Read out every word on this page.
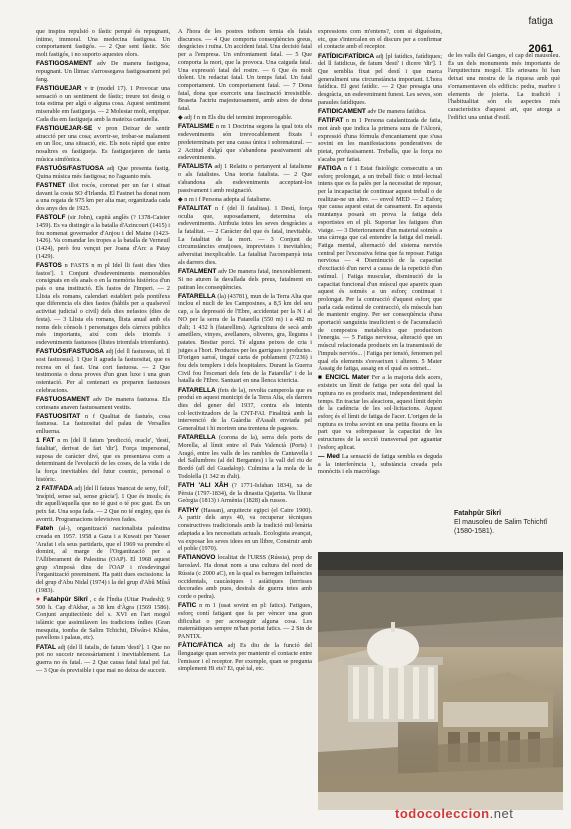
fatiga
2061

que inspira repulsió o fàstic perquè és repugnant, íntime, immoral. Una medecina fastigosa. Un comportament fastigós. — 2 Que sent fàstic. Sóc molt fastigós, i no suporto aquestes olors.

FASTIGOSAMENT adv De manera fastigosa, repugnant. Un llimac s'arrossegava fastigosament pel fang.

FASTIGUEJAR v tr (model 17). 1 Provocar una sensació o un sentiment de fàstic; treure tot desig o tota estima per algú o alguna cosa. Aquest sentiment miserable em fastigueja. — 2 Molestar molt, empipar. Cada dia em fastigueja amb la mateixa cantarella.

FASTIGUEJAR-SE v pron Deixar de sentir atracció per una cosa; avorrir-se, trobar-se malament en un lloc, una situació, etc. Els nois ràpid que entre nosaltres es fastigueja. Es fastiguejaren de tanta música simfònica.

FASTUÓS/FASTUOSA adj Que presenta fastig. Quina música més fastigosa; no l'aguanto més.

FASTNET illot rocós, coronat per un far i situat davant la costa SO d'Irlanda. El Fastnet ha donat nom a una regata de 975 km per alta mar, organitzada cada dos anys des de 1925.

FASTOLF (sir John), capità anglès (? 1378-Caister 1459). Es va distingir a la batalla d'Azincourt (1415) i fou nomenat governador d'Anjou i del Maine (1423-1426). Va comandar les tropes a la batalla de Verneuil (1424), però fou vençut per Joana d'Arc a Patay (1429).

FASTOS n FASTS n m pl Idel lli fasti dies 'dies fastos']. 1 Conjunt d'esdeveniments memorables consignats en els anals o en la memòria històrica d'un país o una institució. Els fastos de l'Imperi. — 2 Llista els romans, calendari establert pels pontífexs que diferencia els dies fastos (hàbils per a qualsevol activitat judicial o civil) dels dies nefastos (dies de festa). — 3 Llista els romans, llista anual amb els noms dels cònsols i personatges dels càrrecs públics més importants, així com dels triomfs i esdeveniments fastuosos (llistes triomfals triomfants).

FASTUÓS/FASTUOSA adj [del ll fastuosus, id. Il sost fastuosus]. 1 Que li agrada la fastuositat, que es recrea en el fast. Una cort fastuosa. — 2 Que testimonia o dona proves d'un gran luxe i una gran ostentació. Per al centenari es preparen fastuoses celebracions.

FASTUOSAMENT adv De manera fastuosa. Els cortesans anaven fastuosament vestits.

FASTUOSITAT n f Qualitat de fastuós, cosa fastuosa. La fastuositat del palau de Versalles enlluerna.

1 FAT n m [del ll fatum 'predicció, oracle', 'destí, fatalitat', derivat de fari 'dir']. Força impersonal, suposa de caràcter diví, que es presentava com a determinant de l'evolució de les coses, de la vida i de la força inevitables del futur cosmic, personal o històric.

2 FAT/FADA adj [del ll fatuus 'mancat de seny, foll', 'insípid, sense sal, sense gràcia']. 1 Que és insuls; és dir aquell/aquella que no té gust o té poc gust. És un peix fat. Una sopa fada. — 2 Que no té enginy, que és avorrit. Programacions televisives fades.

Fateh (al-), organització nacionalista palestina creada en 1957. 1958 a Gaza i a Kuwait per Yasser 'Arafat i els seus partidaris, que el 1969 va prendre el domini, al marge de l'Organització per a l'Alliberament de Palestina (OAP). El 1968 aquest grup s'imposà dins de l'OAP i n'esdevingué l'organització preeminent. Ha patit dues escissions: la del grup d'Abu Nidal (1974) i la del grup d'Abû Mûsâ (1983).

● Fatahpûr Sîkrî , c de l'Índia (Uttar Pradesh); 9 500 h. Cap d'Akbar, a 38 km d'Àgra (1569 1586). Conjunt arquitectònic del s. XVI en l'art mogol islàmic que assimilaven les tradicions índies (Gran mesquita, tomba de Salim Tchichti, Dîwân-i Khâss, pavellons i palaus, etc).

FATAL adj (del ll fatalis, de fatum 'destí']. 1 Que no pot no succeir necessàriament i inevitablement. La guerra no és fatal. — 2 Que causa fatal fatal pel fat. — 3 Que és previsible i que mai no deixa de succeir.

A l'hora de les postres tothom temia els fatals discursos. — 4 Que comporta conseqüències greus, desgràcies i ruïna. Un accident fatal. Una decisió fatal per a l'empresa. Un enfrontament fatal. — 5 Que comporta la mort, que la provoca. Una caiguda fatal. Una expressió fatal del rostre. — 6 Que és molt dolent. Un redactat fatal. Un temps fatal. Un fatal comportament. Un comportament fatal. — 7 Dona fatal, dona que exerceix una fascinació irresistible. Braseta l'actriu majestuosament, amb aires de dona fatal.

◆ adj f n m Els diu del termini improrrogable.

FATALISME n m 1 Doctrina segons la qual tots els esdeveniments són irrevocablement fixats i predeterminats per una causa única i sobrenatural. — 2 Actitud d'algú que s'abandona passivament als esdeveniments.

FATALISTA adj 1 Relatiu o pertanyent al fatalisme o als fatalistes. Una teoria fatalista. — 2 Que s'abandona als esdeveniments acceptant-los passivament i amb resignació.

◆ n m i f Persona adepta al fatalisme.

FATALITAT n f (del ll fatalitas). 1 Destí, força oculta que, suposadament, determina els esdeveniments. Atribuïa totes les seves desgràcies a la fatalitat. — 2 Caràcter del que és fatal, inevitable. La fatalitat de la mort. — 3 Conjunt de circumstàncies enutjoses, imprevistes i inevitables; adversitat inexplicable. La fatalitat l'acompanyà tota als darrers dies.

FATALMENT adv De manera fatal, inexorablement. Si no aturen la davallada dels preus, fatalment en patiran les conseqüències.

FATARELLA (la) (43781), mun de la Terra Alta que inclou el nucli de les Camposines, a 8,5 km del seu cap, a la depressió de l'Ebre, accidentat per la N i al NO per la serra de la Fatarella (550 m) i a 482 m d'alt; 1 432 h (fatarellins). Agricultura de secà amb ametllers, vinyes, avellaners, oliveres, gra, llegums i patates. Bestiar porcí. Té alguns peixos de cria i jutges a l'hort. Productes per les garrigues i productes. D'origen sarraí, tingué carta de poblament (7/236) i fou dels templers i dels hospitalers. Durant la Guerra Civil fou l'escenari dels fets de la Fatarella" i de la batalla de l'Ebre. Santuari en una llenca ictericia.

FATARELLA (fets de la), revolta camperola que es produí en aquest municipi de la Terra Alta, els darrers dies del gener del 1937, contra els intents col·lectivitzadors de la CNT-FAI. Finalitzà amb la intervenció de la Guàrdia d'Assalt enviada pel Generalitat i hi moriren una trentena de pagesos.

FATARELLA (corona de la), serra dels ports de Morella, al límit entre el País Valencià (Ports) i Aragó, entre les valls de les rambles de Cantavella i del Sallumbres (al del Bergantes) i la vall del riu de Bordó (afl del Guadalop). Culmina a la mola de la Todolella (1 342 m d'alt).

FATH 'ALI XÂH (? 1771-Isfahan 1834), xa de Pèrsia (1797-1834), de la dinastia Qajarita. Va lliurar Geòrgia (1813) i Armènia (1828) als russos.

FATHY (Hassan), arquitecte egipci (el Caire 1900). A partir dels anys 40, va recuperar tècniques constructives tradicionals amb la tradició mil·lenària adaptada a les necessitats actuals. Ecologista avançat, va exposar les seves idees en un llibre, Construir amb el poble (1970).

FATIANOVO localitat de l'URSS (Rússia), prop de Iaroslavl. Ha donat nom a una cultura del nord de Rússia (c 2000 aC), en la qual es barregen influències occidentals, caucàsiques i asiàtiques (terrisses decorades amb pues, destrals de guerra tetes amb corde o pedra).

FATIC n m 1 (usat sovint en pl: fatics). Fatigues, esforç contí fatigant que fa per vèncer una gran dificultat o per aconseguir alguna cosa. Les matemàtiques sempre m'han portat fatics. — 2 Sin de PANTIX.

FÀTIC/FÀTICA adj Es diu de la funció del llenguatge quan serveix per mantenir el contacte entre l'emissor i el receptor. Per exemple, quan se pregunta simplement Hi ets? Ei, què tal, etc.

expressions com m'entens?, com si diguéssim, etc, que s'intercalen en el discurs per a confirmar el contacte amb el receptor.

FATÍDIC/FATÍDICA adj [pl fatídics, fatídiques; del ll fatidicus, de fatum 'destí' i dicere 'dir']. 1 Que semblia fixat pel destí i que marca generalment una circumstància important. L'hora fatídica. El gest fatídic. — 2 Que presagia una desgràcia, un esdeveniment funest. Les seves, son paraules fatídiques.

FATIDICAMENT adv De manera fatídica.

FATIFAT n m 1 Persona catalanitzada de fatia, mot àrab que indica la primera sura de l'Alcorà, expressió d'una fórmula d'encantament que s'usa sovint en les manifestacions ponderatives de pietat, profussisament. Treballa, que la força no s'acaba per fatiat.

FATIGA n f 1 Estat fisiològic consecutiu a un esforç prolongat, a un treball físic o intel·lectual intens que es fa palès per la necessitat de reposar, per la incapacitat de continuar aquest treball o de realitzar-ne un altre. — envol MED — 2 Esforç que causa aquest estat de cansament. En aquesta muntanya posarà en prova la fatiga dels esportistes en el pli. Suportar les fatigues d'un viatge. — 3 Deteriorament d'un material sotmès a una càrrega que cal entendre la fatiga del metall. Fatiga mental, alternació del sistema nerviós central per l'excessiva feina que fa reposar. Fatiga nerviosa — 4 Disminució de la capacitat d'excitació d'un nervi a causa de la repetició d'un estímul. | Fatiga muscular, disminució de la capacitat funcional d'un múscul que apareix quan aquest és sotmès a un esforç continuat i prolongat. Per la contracció d'aquest esforç que parla cada estímul de contracció, els músculs han de mantenir enginy. Per ser conseqüència d'una aportació sanguínia insuficient o de l'acumulació de compostos metabòlics que produeixen l'energia. — 5 Fatiga nerviosa, alteració que un múscul relacionada produeix en la transmissió de l'impuls nerviós... | Fatiga per tensió, fenomen pel qual els elements s'esvaeixen i alteren. 5 Mater Assaig de fatiga, assaig en el qual es sotmet...

■ ENCICL Mater Fer a la majoria dels acers, existeix un límit de fatiga per sota del qual la ruptura no es produeix mai, independentment del temps. En tractar les aleacions, aquest límit depèn de la cadència de les sol·licitacions. Aquest esforç és el límit de fatiga de l'acer. L'origen de la ruptura es troba sovint en una petita fissura en la part que va sobrepassar la capacitat de les estructures de la secció transversal per aguantar l'esforç aplicat.

— Med La sensació de fatiga sembla es deguda a la interferència 1, substància creada pels monòcits i els macròfags

de les valls del Ganges, el cap del mausoleu. És un dels monuments més importants de l'arquitectura mogol. Els artesans hi han deixat una mostra de la riquesa amb què s'ornamentaven els edificis: pedra, marbre i elements de joieria. La tradició i l'habitualitat són els aspectes més característics d'aquest art, que atorga a l'edifici una unitat d'estil.
Fatahpûr Sîkrî
El mausoleu de Salim Tchichtî
(1580-1581).
todocoleccion.net
